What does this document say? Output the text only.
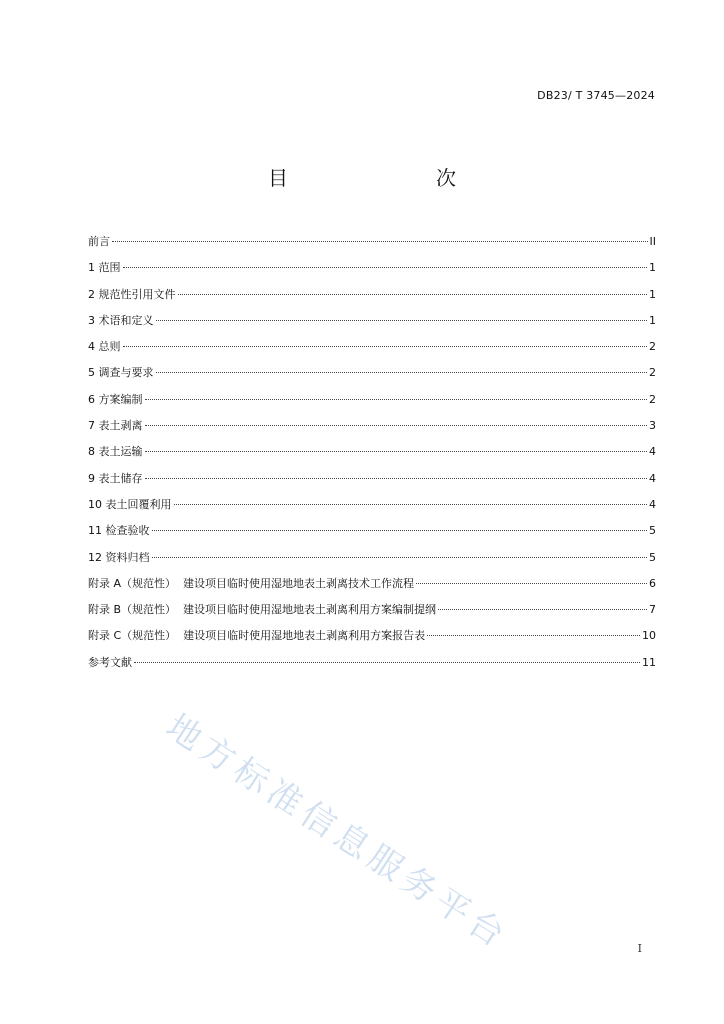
DB23/ T 3745—2024
目　　次
前言	II
1 范围	1
2 规范性引用文件	1
3 术语和定义	1
4 总则	2
5 调查与要求	2
6 方案编制	2
7 表土剥离	3
8 表土运输	4
9 表土储存	4
10 表土回覆利用	4
11 检查验收	5
12 资料归档	5
附录 A（规范性）  建设项目临时使用湿地地表土剥离技术工作流程	6
附录 B（规范性）  建设项目临时使用湿地地表土剥离利用方案编制提纲	7
附录 C（规范性）  建设项目临时使用湿地地表土剥离利用方案报告表	10
参考文献	11
地方标准信息服务平台	I
